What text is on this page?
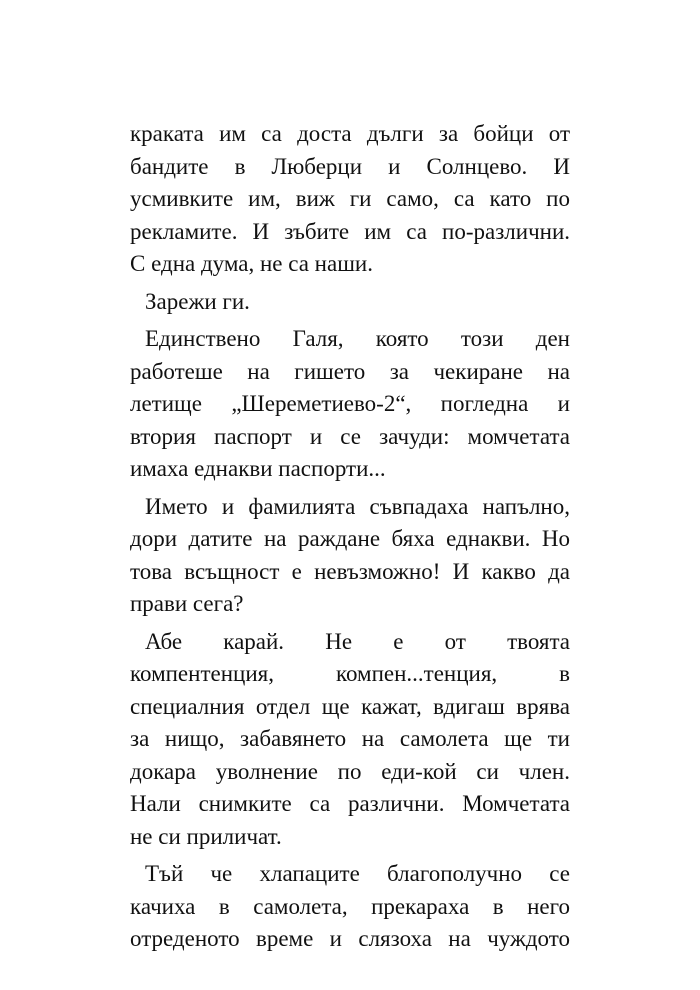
краката им са доста дълги за бойци от
бандите в Люберци и Солнцево. И
усмивките им, виж ги само, са като по
рекламите. И зъбите им са по-различни.
С една дума, не са наши.
Зарежи ги.
Единствено Галя, която този ден
работеше на гишето за чекиране на
летище „Шереметиево-2“, погледна и
втория паспорт и се зачуди: момчетата
имаха еднакви паспорти...
Името и фамилията съвпадаха напълно,
дори датите на раждане бяха еднакви. Но
това всъщност е невъзможно! И какво да
прави сега?
Абе карай. Не е от твоята
компентенция, компен...тенция, в
специалния отдел ще кажат, вдигаш врява
за нищо, забавянето на самолета ще ти
докара уволнение по еди-кой си член.
Нали снимките са различни. Момчетата
не си приличат.
Тъй че хлапаците благополучно се
качиха в самолета, прекараха в него
отреденото време и слязоха на чуждото
